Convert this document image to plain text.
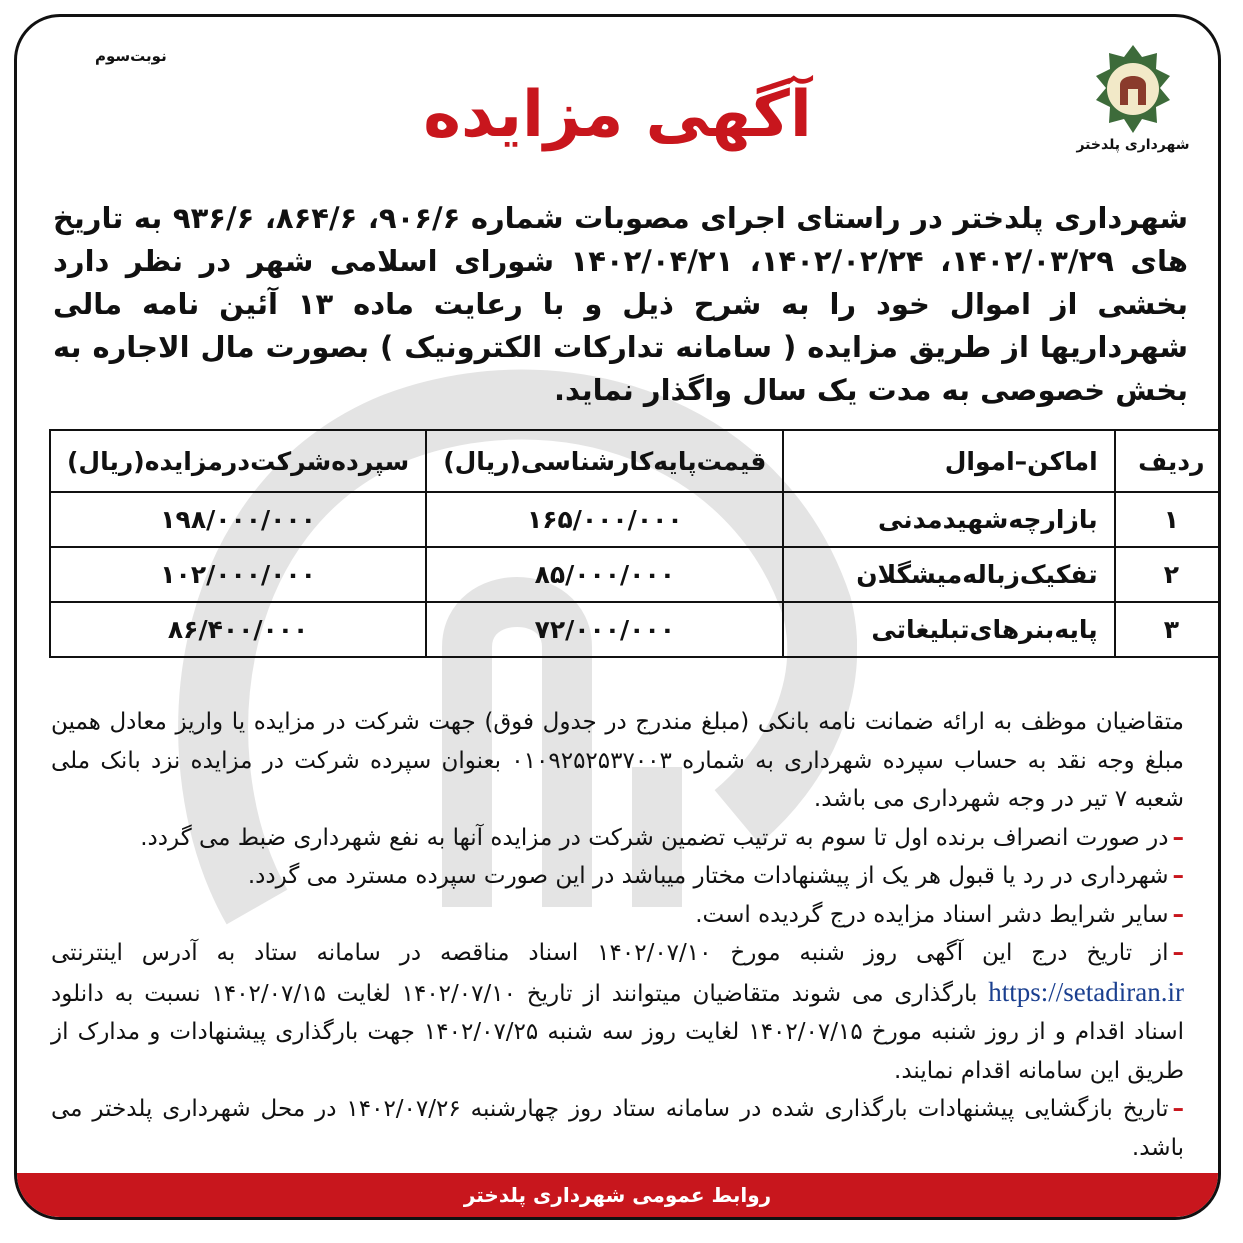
نوبت‌سوم
شهرداری پلدختر
آگهی مزایده
شهرداری پلدختر در راستای اجرای مصوبات شماره ۹۰۶/۶، ۸۶۴/۶، ۹۳۶/۶ به تاریخ های ۱۴۰۲/۰۳/۲۹، ۱۴۰۲/۰۲/۲۴، ۱۴۰۲/۰۴/۲۱ شورای اسلامی شهر در نظر دارد بخشی از اموال خود را به شرح ذیل و با رعایت ماده ۱۳ آئین نامه مالی شهرداریها از طریق مزایده ( سامانه تدارکات الکترونیک ) بصورت مال الاجاره به بخش خصوصی به مدت یک سال واگذار نماید.
ردیف	اماکن–اموال	قیمت‌پایه‌کارشناسی(ریال)	سپرده‌شرکت‌درمزایده(ریال)
۱	بازارچه‌شهیدمدنی	۱۶۵/۰۰۰/۰۰۰	۱۹۸/۰۰۰/۰۰۰
۲	تفکیک‌زباله‌میشگلان	۸۵/۰۰۰/۰۰۰	۱۰۲/۰۰۰/۰۰۰
۳	پایه‌بنرهای‌تبلیغاتی	۷۲/۰۰۰/۰۰۰	۸۶/۴۰۰/۰۰۰

متقاضیان موظف به ارائه ضمانت نامه بانکی (مبلغ مندرج در جدول فوق) جهت شرکت در مزایده یا واریز معادل همین مبلغ وجه نقد به حساب سپرده شهرداری به شماره ۰۱۰۹۲۵۲۵۳۷۰۰۳ بعنوان سپرده شرکت در مزایده نزد بانک ملی شعبه ۷ تیر در وجه شهرداری می باشد.

–در صورت انصراف برنده اول تا سوم به ترتیب تضمین شرکت در مزایده آنها به نفع شهرداری ضبط می گردد.

–شهرداری در رد یا قبول هر یک از پیشنهادات مختار میباشد در این صورت سپرده مسترد می گردد.

–سایر شرایط دشر اسناد مزایده درج گردیده است.

–از تاریخ درج این آگهی روز شنبه مورخ ۱۴۰۲/۰۷/۱۰ اسناد مناقصه در سامانه ستاد به آدرس اینترنتی https://setadiran.ir بارگذاری می شوند متقاضیان میتوانند از تاریخ ۱۴۰۲/۰۷/۱۰ لغایت ۱۴۰۲/۰۷/۱۵ نسبت به دانلود اسناد اقدام و از روز شنبه مورخ ۱۴۰۲/۰۷/۱۵ لغایت روز سه شنبه ۱۴۰۲/۰۷/۲۵ جهت بارگذاری پیشنهادات و مدارک از طریق این سامانه اقدام نمایند.

–تاریخ بازگشایی پیشنهادات بارگذاری شده در سامانه ستاد روز چهارشنبه ۱۴۰۲/۰۷/۲۶ در محل شهرداری پلدختر می باشد.

روابط عمومی شهرداری پلدختر
